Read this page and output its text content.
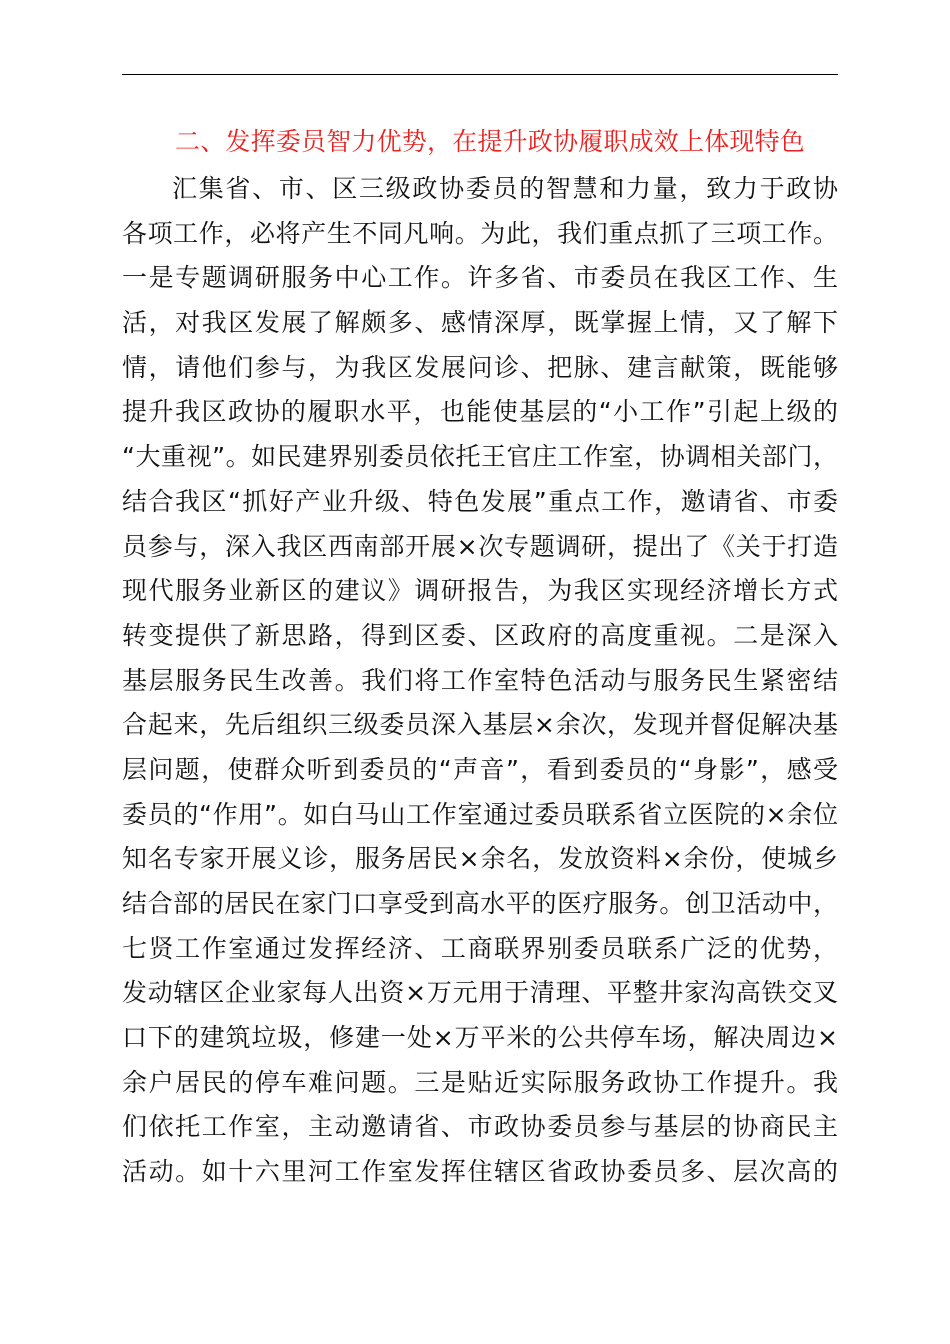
二、发挥委员智力优势，在提升政协履职成效上体现特色
汇集省、市、区三级政协委员的智慧和力量，致力于政协
各项工作，必将产生不同凡响。为此，我们重点抓了三项工作。
一是专题调研服务中心工作。许多省、市委员在我区工作、生
活，对我区发展了解颇多、感情深厚，既掌握上情，又了解下
情，请他们参与，为我区发展问诊、把脉、建言献策，既能够
提升我区政协的履职水平，也能使基层的“小工作”引起上级的
“大重视”。如民建界别委员依托王官庄工作室，协调相关部门，
结合我区“抓好产业升级、特色发展”重点工作，邀请省、市委
员参与，深入我区西南部开展×次专题调研，提出了《关于打造
现代服务业新区的建议》调研报告，为我区实现经济增长方式
转变提供了新思路，得到区委、区政府的高度重视。二是深入
基层服务民生改善。我们将工作室特色活动与服务民生紧密结
合起来，先后组织三级委员深入基层×余次，发现并督促解决基
层问题，使群众听到委员的“声音”，看到委员的“身影”，感受
委员的“作用”。如白马山工作室通过委员联系省立医院的×余位
知名专家开展义诊，服务居民×余名，发放资料×余份，使城乡
结合部的居民在家门口享受到高水平的医疗服务。创卫活动中，
七贤工作室通过发挥经济、工商联界别委员联系广泛的优势，
发动辖区企业家每人出资×万元用于清理、平整井家沟高铁交叉
口下的建筑垃圾，修建一处×万平米的公共停车场，解决周边×
余户居民的停车难问题。三是贴近实际服务政协工作提升。我
们依托工作室，主动邀请省、市政协委员参与基层的协商民主
活动。如十六里河工作室发挥住辖区省政协委员多、层次高的
